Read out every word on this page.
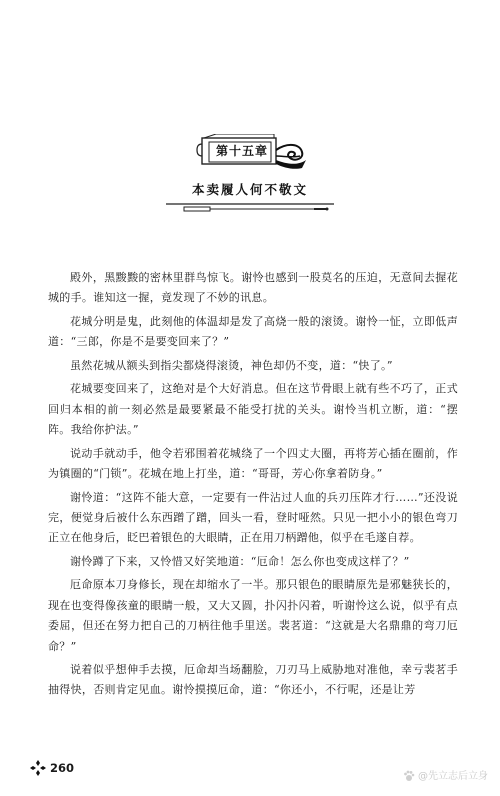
第十五章
本卖履人何不敬文

殿外，黑黢黢的密林里群鸟惊飞。谢怜也感到一股莫名的压迫，无意间去握花城的手。谁知这一握，竟发现了不妙的讯息。

花城分明是鬼，此刻他的体温却是发了高烧一般的滚烫。谢怜一怔，立即低声道：“三郎，你是不是要变回来了？”

虽然花城从额头到指尖都烧得滚烫，神色却仍不变，道：“快了。”

花城要变回来了，这绝对是个大好消息。但在这节骨眼上就有些不巧了，正式回归本相的前一刻必然是最要紧最不能受打扰的关头。谢怜当机立断，道：“摆阵。我给你护法。”

说动手就动手，他令若邪围着花城绕了一个四丈大圈，再将芳心插在圈前，作为镇圈的“门锁”。花城在地上打坐，道：“哥哥，芳心你拿着防身。”

谢怜道：“这阵不能大意，一定要有一件沾过人血的兵刃压阵才行……”还没说完，便觉身后被什么东西蹭了蹭，回头一看，登时哑然。只见一把小小的银色弯刀正立在他身后，眨巴着银色的大眼睛，正在用刀柄蹭他，似乎在毛遂自荐。

谢怜蹲了下来，又怜惜又好笑地道：“厄命！怎么你也变成这样了？”

厄命原本刀身修长，现在却缩水了一半。那只银色的眼睛原先是邪魅狭长的，现在也变得像孩童的眼睛一般，又大又圆，扑闪扑闪着，听谢怜这么说，似乎有点委屈，但还在努力把自己的刀柄往他手里送。裴茗道：“这就是大名鼎鼎的弯刀厄命？”

说着似乎想伸手去摸，厄命却当场翻脸，刀刃马上威胁地对准他，幸亏裴茗手抽得快，否则肯定见血。谢怜摸摸厄命，道：“你还小，不行呢，还是让芳

260
@先立志后立身
